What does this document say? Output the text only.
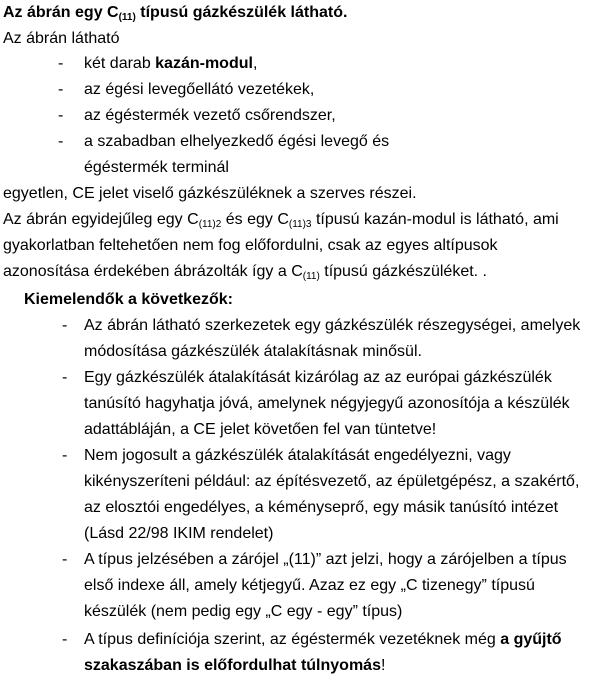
Az ábrán egy $C_{(11)}$ típusú gázkészülék látható.
Az ábrán látható
- két darab kazán-modul,
- az égési levegőellátó vezetékek,
- az égéstermék vezető csőrendszer,
- a szabadban elhelyezkedő égési levegő és
égéstermék terminál
egyetlen, CE jelet viselő gázkészüléknek a szerves részei.
Az ábrán egyidejűleg egy $C_{(11)2}$ és egy $C_{(11)3}$ típusú kazán-modul is látható, ami
gyakorlatban feltehetően nem fog előfordulni, csak az egyes altípusok
azonosítása érdekében ábrázolták így a $C_{(11)}$ típusú gázkészüléket. .
Kiemelendők a következők:
- Az ábrán látható szerkezetek egy gázkészülék részegységei, amelyek
módosítása gázkészülék átalakításnak minősül.
- Egy gázkészülék átalakítását kizárólag az az európai gázkészülék
tanúsító hagyhatja jóvá, amelynek négyjegyű azonosítója a készülék
adattábláján, a CE jelet követően fel van tüntetve!
- Nem jogosult a gázkészülék átalakítását engedélyezni, vagy
kikényszeríteni például: az építésvezető, az épületgépész, a szakértő,
az elosztói engedélyes, a kéményseprő, egy másik tanúsító intézet
(Lásd 22/98 IKIM rendelet)
- A típus jelzésében a zárójel „(11)” azt jelzi, hogy a zárójelben a típus
első indexe áll, amely kétjegyű. Azaz ez egy „C tizenegy” típusú
készülék (nem pedig egy „C egy - egy” típus)
- A típus definíciója szerint, az égéstermék vezetéknek még a gyűjtő
szakaszában is előfordulhat túlnyomás!
